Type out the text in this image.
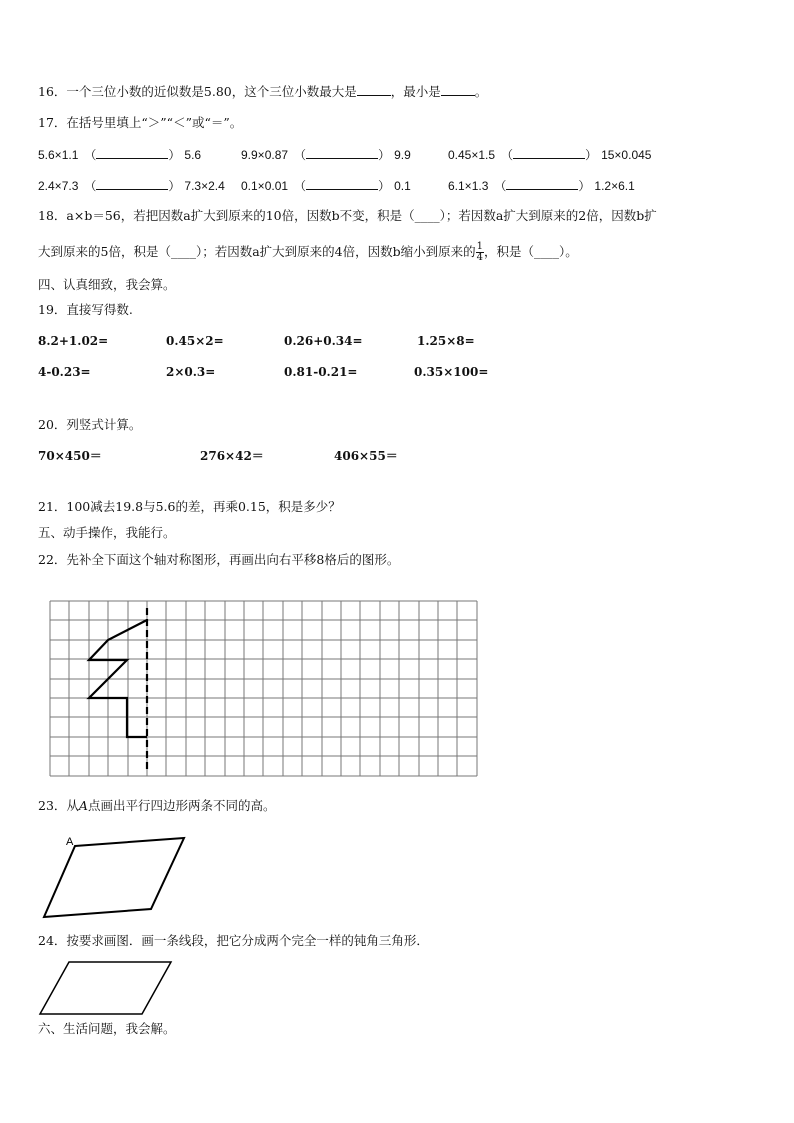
16．一个三位小数的近似数是5.80，这个三位小数最大是	，最小是	。
17．在括号里填上“＞”“＜”或“＝”。
5.6×1.1 （	） 5.6	9.9×0.87 （	） 9.9	0.45×1.5 （	） 15×0.045
2.4×7.3 （	） 7.3×2.4 0.1×0.01 （	） 0.1	6.1×1.3 （	） 1.2×6.1
18．a×b＝56，若把因数a扩大到原来的10倍，因数b不变，积是（____）；若因数a扩大到原来的2倍，因数b扩
大到原来的5倍，积是（____）；若因数a扩大到原来的4倍，因数b缩小到原来的 $\frac{1}{4}$ ，积是（____）。
四、认真细致，我会算。
19．直接写得数.
8.2+1.02=	0.45×2=	0.26+0.34=	1.25×8=
4-0.23=	2×0.3=	0.81-0.21=	0.35×100=
20．列竖式计算。
70×450＝	276×42＝	406×55＝
21．100减去19.8与5.6的差，再乘0.15，积是多少？
五、动手操作，我能行。
22．先补全下面这个轴对称图形，再画出向右平移8格后的图形。
23．从A点画出平行四边形两条不同的高。
A
24．按要求画图．画一条线段，把它分成两个完全一样的钝角三角形．
六、生活问题，我会解。
